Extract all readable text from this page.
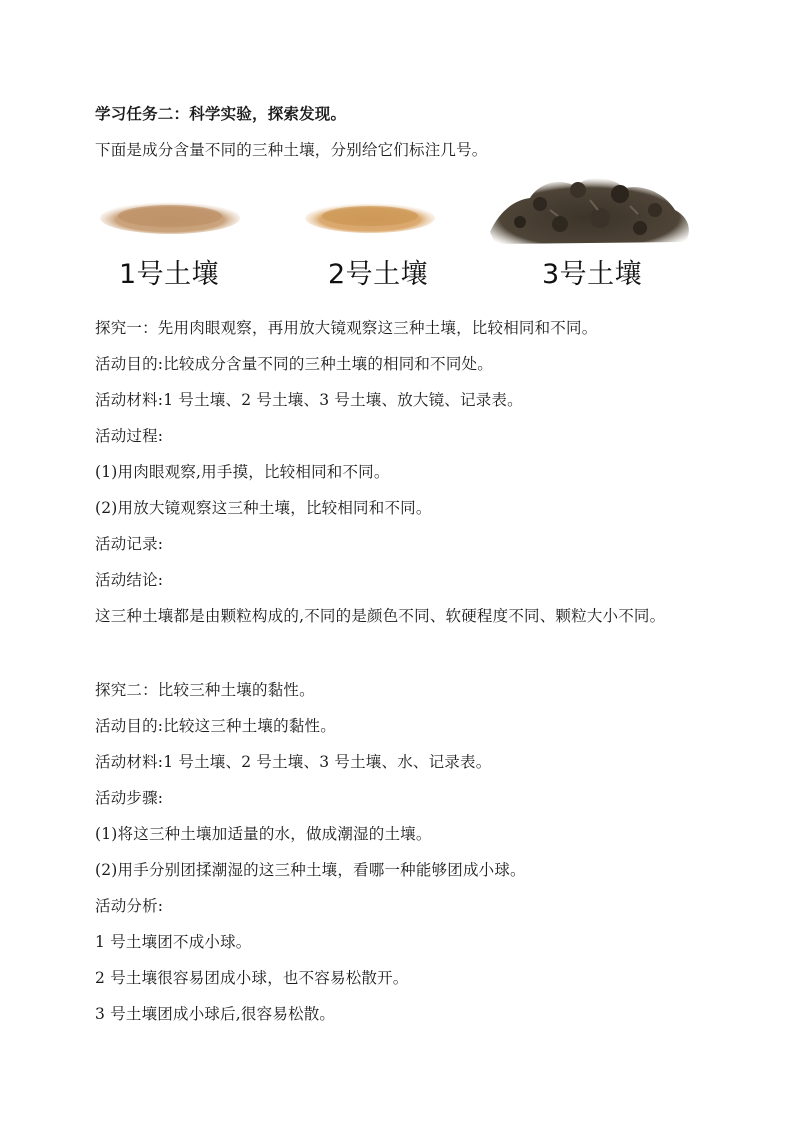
学习任务二：科学实验，探索发现。
下面是成分含量不同的三种土壤，分别给它们标注几号。
1号土壤	2号土壤	3号土壤
探究一：先用肉眼观察，再用放大镜观察这三种土壤，比较相同和不同。
活动目的:比较成分含量不同的三种土壤的相同和不同处。
活动材料:1 号土壤、2 号土壤、3 号土壤、放大镜、记录表。
活动过程:
(1)用肉眼观察,用手摸，比较相同和不同。
(2)用放大镜观察这三种土壤，比较相同和不同。
活动记录:
活动结论:
这三种土壤都是由颗粒构成的,不同的是颜色不同、软硬程度不同、颗粒大小不同。
探究二：比较三种土壤的黏性。
活动目的:比较这三种土壤的黏性。
活动材料:1 号土壤、2 号土壤、3 号土壤、水、记录表。
活动步骤:
(1)将这三种土壤加适量的水，做成潮湿的土壤。
(2)用手分别团揉潮湿的这三种土壤，看哪一种能够团成小球。
活动分析:
1 号土壤团不成小球。
2 号土壤很容易团成小球，也不容易松散开。
3 号土壤团成小球后,很容易松散。
